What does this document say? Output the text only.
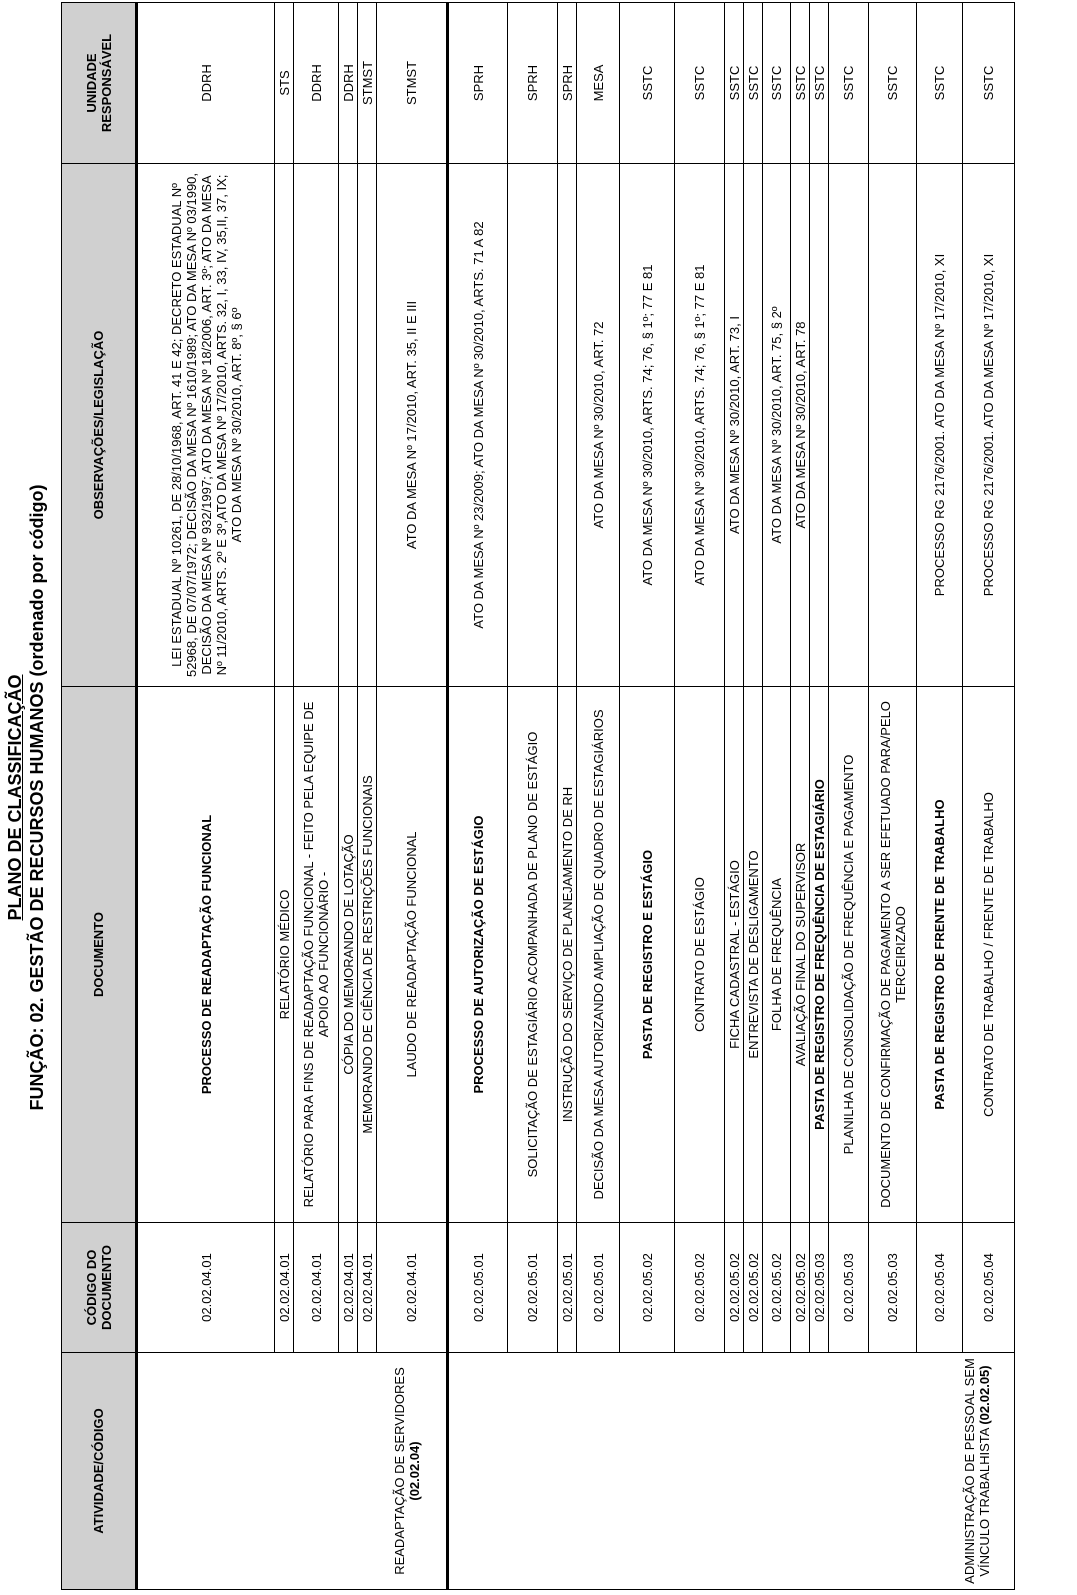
PLANO DE CLASSIFICAÇÃO FUNÇÃO: 02. GESTÃO DE RECURSOS HUMANOS (ordenado por código)
ATIVIDADE/CÓDIGO	CÓDIGO DO DOCUMENTO	DOCUMENTO	OBSERVAÇÕES/LEGISLAÇÃO	UNIDADE RESPONSÁVEL
READAPTAÇÃO DE SERVIDORES (02.02.04)	02.02.04.01	PROCESSO DE READAPTAÇÃO FUNCIONAL	LEI ESTADUAL Nº 10261, DE 28/10/1968, ART. 41 E 42; DECRETO ESTADUAL Nº 52968, DE 07/07/1972; DECISÃO DA MESA Nº 1610/1989; ATO DA MESA Nº 03/1990, DECISÃO DA MESA Nº 932/1997; ATO DA MESA Nº 18/2006, ART. 3º; ATO DA MESA Nº 11/2010, ARTS. 2º E 3º,ATO DA MESA Nº 17/2010, ARTS. 32, I, 33, IV, 35,II, 37, IX; ATO DA MESA Nº 30/2010, ART. 8º, § 6º	DDRH
	02.02.04.01	RELATÓRIO MÉDICO		STS
	02.02.04.01	RELATÓRIO PARA FINS DE READAPTAÇÃO FUNCIONAL - FEITO PELA EQUIPE DE APOIO AO FUNCIONÁRIO -		DDRH
	02.02.04.01	CÓPIA DO MEMORANDO DE LOTAÇÃO		DDRH
	02.02.04.01	MEMORANDO DE CIÊNCIA DE RESTRIÇÕES FUNCIONAIS		STMST
	02.02.04.01	LAUDO DE READAPTAÇÃO FUNCIONAL	ATO DA MESA Nº 17/2010, ART. 35, II E III	STMST
ADMINISTRAÇÃO DE PESSOAL SEM VÍNCULO TRABALHISTA (02.02.05)	02.02.05.01	PROCESSO DE AUTORIZAÇÃO DE ESTÁGIO	ATO DA MESA Nº 23/2009; ATO DA MESA Nº 30/2010, ARTS. 71 A 82	SPRH
	02.02.05.01	SOLICITAÇÃO DE ESTAGIÁRIO ACOMPANHADA DE PLANO DE ESTÁGIO		SPRH
	02.02.05.01	INSTRUÇÃO DO SERVIÇO DE PLANEJAMENTO DE RH		SPRH
	02.02.05.01	DECISÃO DA MESA AUTORIZANDO AMPLIAÇÃO DE QUADRO DE ESTAGIÁRIOS	ATO DA MESA Nº 30/2010, ART. 72	MESA
	02.02.05.02	PASTA DE REGISTRO E ESTÁGIO	ATO DA MESA Nº 30/2010, ARTS. 74; 76, § 1º; 77 E 81	SSTC
	02.02.05.02	CONTRATO DE ESTÁGIO	ATO DA MESA Nº 30/2010, ARTS. 74; 76, § 1º; 77 E 81	SSTC
	02.02.05.02	FICHA CADASTRAL - ESTÁGIO	ATO DA MESA Nº 30/2010, ART. 73, I	SSTC
	02.02.05.02	ENTREVISTA DE DESLIGAMENTO		SSTC
	02.02.05.02	FOLHA DE FREQUÊNCIA	ATO DA MESA Nº 30/2010, ART. 75, § 2º	SSTC
	02.02.05.02	AVALIAÇÃO FINAL DO SUPERVISOR	ATO DA MESA Nº 30/2010, ART. 78	SSTC
	02.02.05.03	PASTA DE REGISTRO DE FREQUÊNCIA DE ESTAGIÁRIO		SSTC
	02.02.05.03	PLANILHA DE CONSOLIDAÇÃO DE FREQUÊNCIA E PAGAMENTO		SSTC
	02.02.05.03	DOCUMENTO DE CONFIRMAÇÃO DE PAGAMENTO A SER EFETUADO PARA/PELO TERCEIRIZADO		SSTC
	02.02.05.04	PASTA DE REGISTRO DE FRENTE DE TRABALHO	PROCESSO RG 2176/2001. ATO DA MESA Nº 17/2010, XI	SSTC
	02.02.05.04	CONTRATO DE TRABALHO / FRENTE DE TRABALHO	PROCESSO RG 2176/2001. ATO DA MESA Nº 17/2010, XI	SSTC
